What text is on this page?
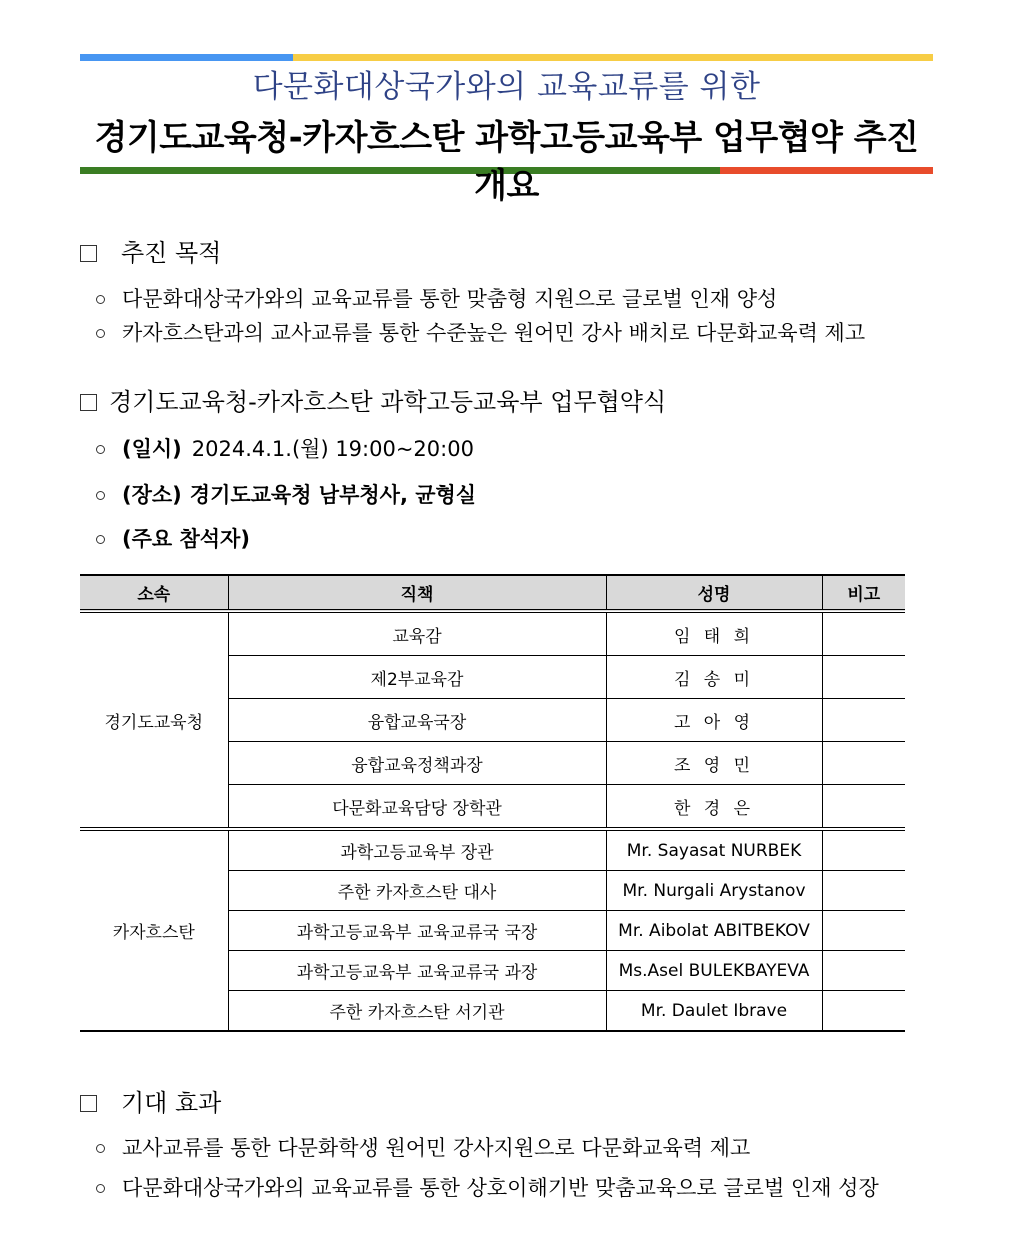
다문화대상국가와의 교육교류를 위한
경기도교육청-카자흐스탄 과학고등교육부 업무협약 추진 개요
추진 목적
다문화대상국가와의 교육교류를 통한 맞춤형 지원으로 글로벌 인재 양성
카자흐스탄과의 교사교류를 통한 수준높은 원어민 강사 배치로 다문화교육력 제고
경기도교육청-카자흐스탄 과학고등교육부 업무협약식
(일시) 2024.4.1.(월) 19:00~20:00
(장소) 경기도교육청 남부청사, 균형실
(주요 참석자)
소속	직책	성명	비고
경기도교육청	교육감	임 태 희	
	제2부교육감	김 송 미	
	융합교육국장	고 아 영	
	융합교육정책과장	조 영 민	
	다문화교육담당 장학관	한 경 은	
카자흐스탄	과학고등교육부 장관	Mr. Sayasat NURBEK	
	주한 카자흐스탄 대사	Mr. Nurgali Arystanov	
	과학고등교육부 교육교류국 국장	Mr. Aibolat ABITBEKOV	
	과학고등교육부 교육교류국 과장	Ms.Asel BULEKBAYEVA	
	주한 카자흐스탄 서기관	Mr. Daulet Ibrave	
기대 효과
교사교류를 통한 다문화학생 원어민 강사지원으로 다문화교육력 제고
다문화대상국가와의 교육교류를 통한 상호이해기반 맞춤교육으로 글로벌 인재 성장
